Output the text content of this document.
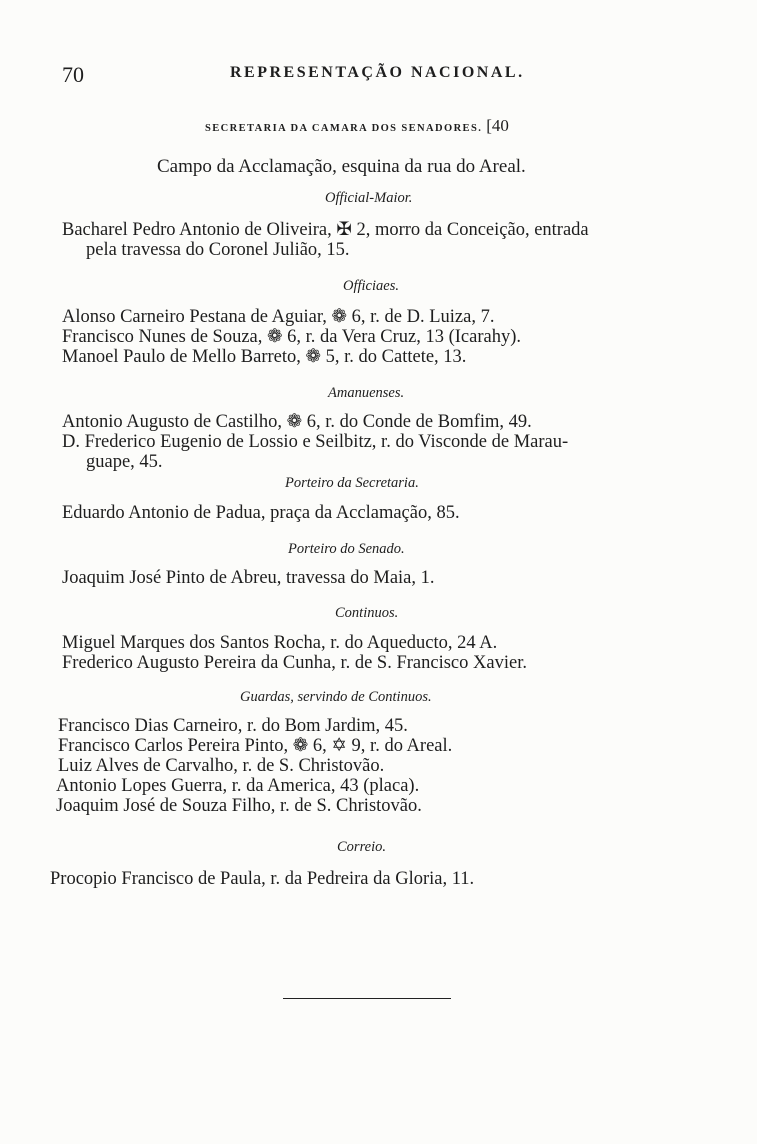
70	REPRESENTAÇÃO NACIONAL.
SECRETARIA DA CAMARA DOS SENADORES. [40
Campo da Acclamação, esquina da rua do Areal.
Official-Maior.
Bacharel Pedro Antonio de Oliveira, ✠ 2, morro da Conceição, entrada
pela travessa do Coronel Julião, 15.
Officiaes.
Alonso Carneiro Pestana de Aguiar, ❁ 6, r. de D. Luiza, 7.
Francisco Nunes de Souza, ❁ 6, r. da Vera Cruz, 13 (Icarahy).
Manoel Paulo de Mello Barreto, ❁ 5, r. do Cattete, 13.
Amanuenses.
Antonio Augusto de Castilho, ❁ 6, r. do Conde de Bomfim, 49.
D. Frederico Eugenio de Lossio e Seilbitz, r. do Visconde de Marau-
guape, 45.
Porteiro da Secretaria.
Eduardo Antonio de Padua, praça da Acclamação, 85.
Porteiro do Senado.
Joaquim José Pinto de Abreu, travessa do Maia, 1.
Continuos.
Miguel Marques dos Santos Rocha, r. do Aqueducto, 24 A.
Frederico Augusto Pereira da Cunha, r. de S. Francisco Xavier.
Guardas, servindo de Continuos.
Francisco Dias Carneiro, r. do Bom Jardim, 45.
Francisco Carlos Pereira Pinto, ❁ 6, ✡ 9, r. do Areal.
Luiz Alves de Carvalho, r. de S. Christovão.
Antonio Lopes Guerra, r. da America, 43 (placa).
Joaquim José de Souza Filho, r. de S. Christovão.
Correio.
Procopio Francisco de Paula, r. da Pedreira da Gloria, 11.
